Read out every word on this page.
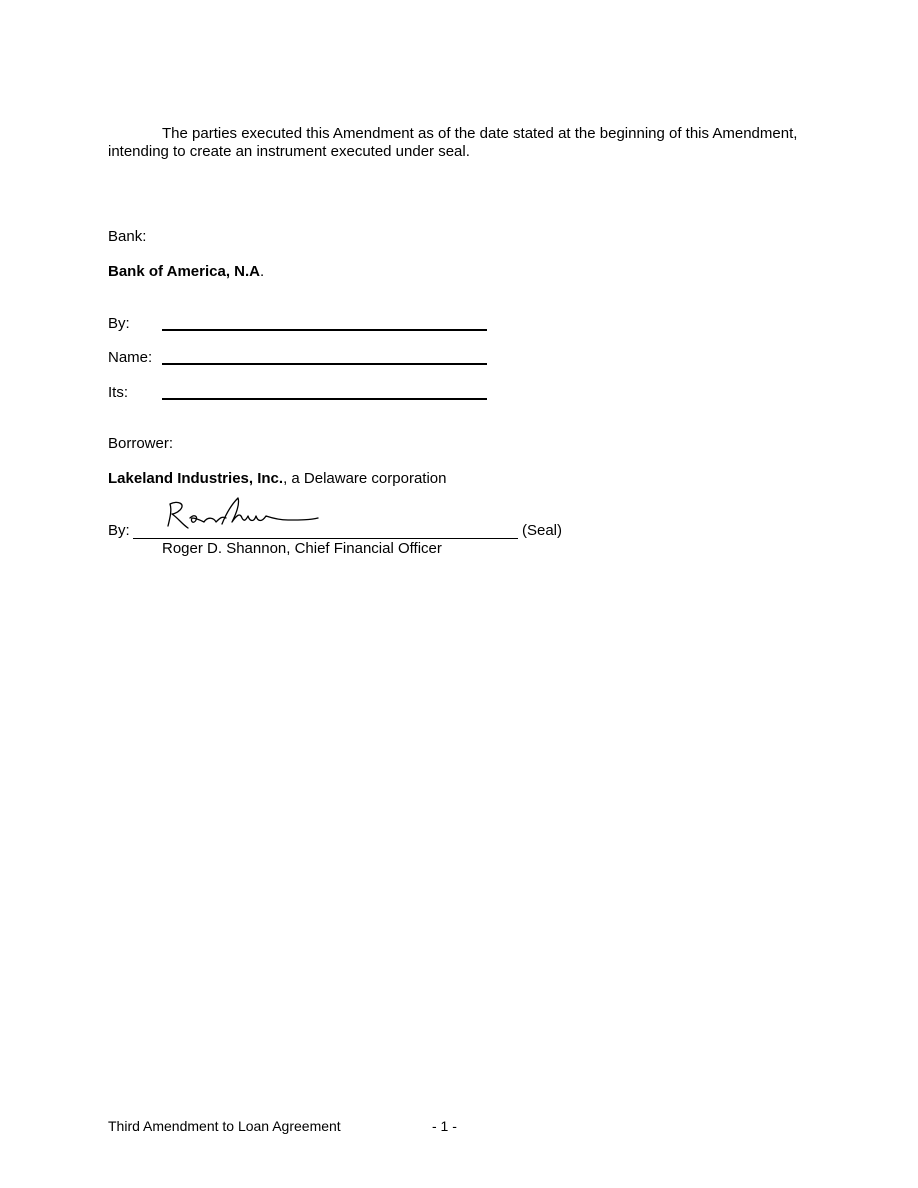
The parties executed this Amendment as of the date stated at the beginning of this Amendment,
intending to create an instrument executed under seal.
Bank:
Bank of America, N.A.
By:
Name:
Its:
Borrower:
Lakeland Industries, Inc., a Delaware corporation
By:	(Seal)
Roger D. Shannon, Chief Financial Officer
Third Amendment to Loan Agreement	- 1 -
